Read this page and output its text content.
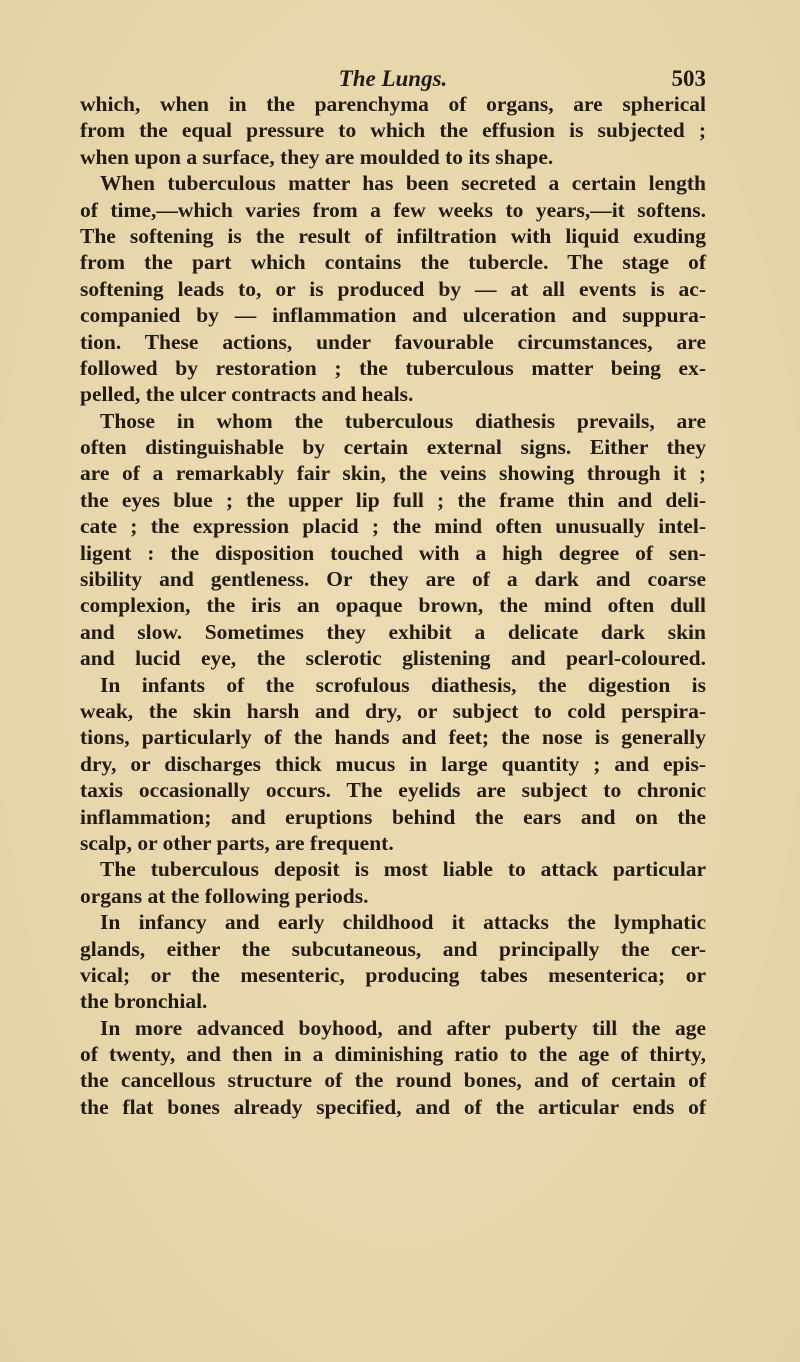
The Lungs.	503
which, when in the parenchyma of organs, are spherical
from the equal pressure to which the effusion is subjected ;
when upon a surface, they are moulded to its shape.
When tuberculous matter has been secreted a certain length
of time,—which varies from a few weeks to years,—it softens.
The softening is the result of infiltration with liquid exuding
from the part which contains the tubercle. The stage of
softening leads to, or is produced by — at all events is ac-
companied by — inflammation and ulceration and suppura-
tion. These actions, under favourable circumstances, are
followed by restoration ; the tuberculous matter being ex-
pelled, the ulcer contracts and heals.
Those in whom the tuberculous diathesis prevails, are
often distinguishable by certain external signs. Either they
are of a remarkably fair skin, the veins showing through it ;
the eyes blue ; the upper lip full ; the frame thin and deli-
cate ; the expression placid ; the mind often unusually intel-
ligent : the disposition touched with a high degree of sen-
sibility and gentleness. Or they are of a dark and coarse
complexion, the iris an opaque brown, the mind often dull
and slow. Sometimes they exhibit a delicate dark skin
and lucid eye, the sclerotic glistening and pearl-coloured.
In infants of the scrofulous diathesis, the digestion is
weak, the skin harsh and dry, or subject to cold perspira-
tions, particularly of the hands and feet; the nose is generally
dry, or discharges thick mucus in large quantity ; and epis-
taxis occasionally occurs. The eyelids are subject to chronic
inflammation; and eruptions behind the ears and on the
scalp, or other parts, are frequent.
The tuberculous deposit is most liable to attack particular
organs at the following periods.
In infancy and early childhood it attacks the lymphatic
glands, either the subcutaneous, and principally the cer-
vical; or the mesenteric, producing tabes mesenterica; or
the bronchial.
In more advanced boyhood, and after puberty till the age
of twenty, and then in a diminishing ratio to the age of thirty,
the cancellous structure of the round bones, and of certain of
the flat bones already specified, and of the articular ends of
